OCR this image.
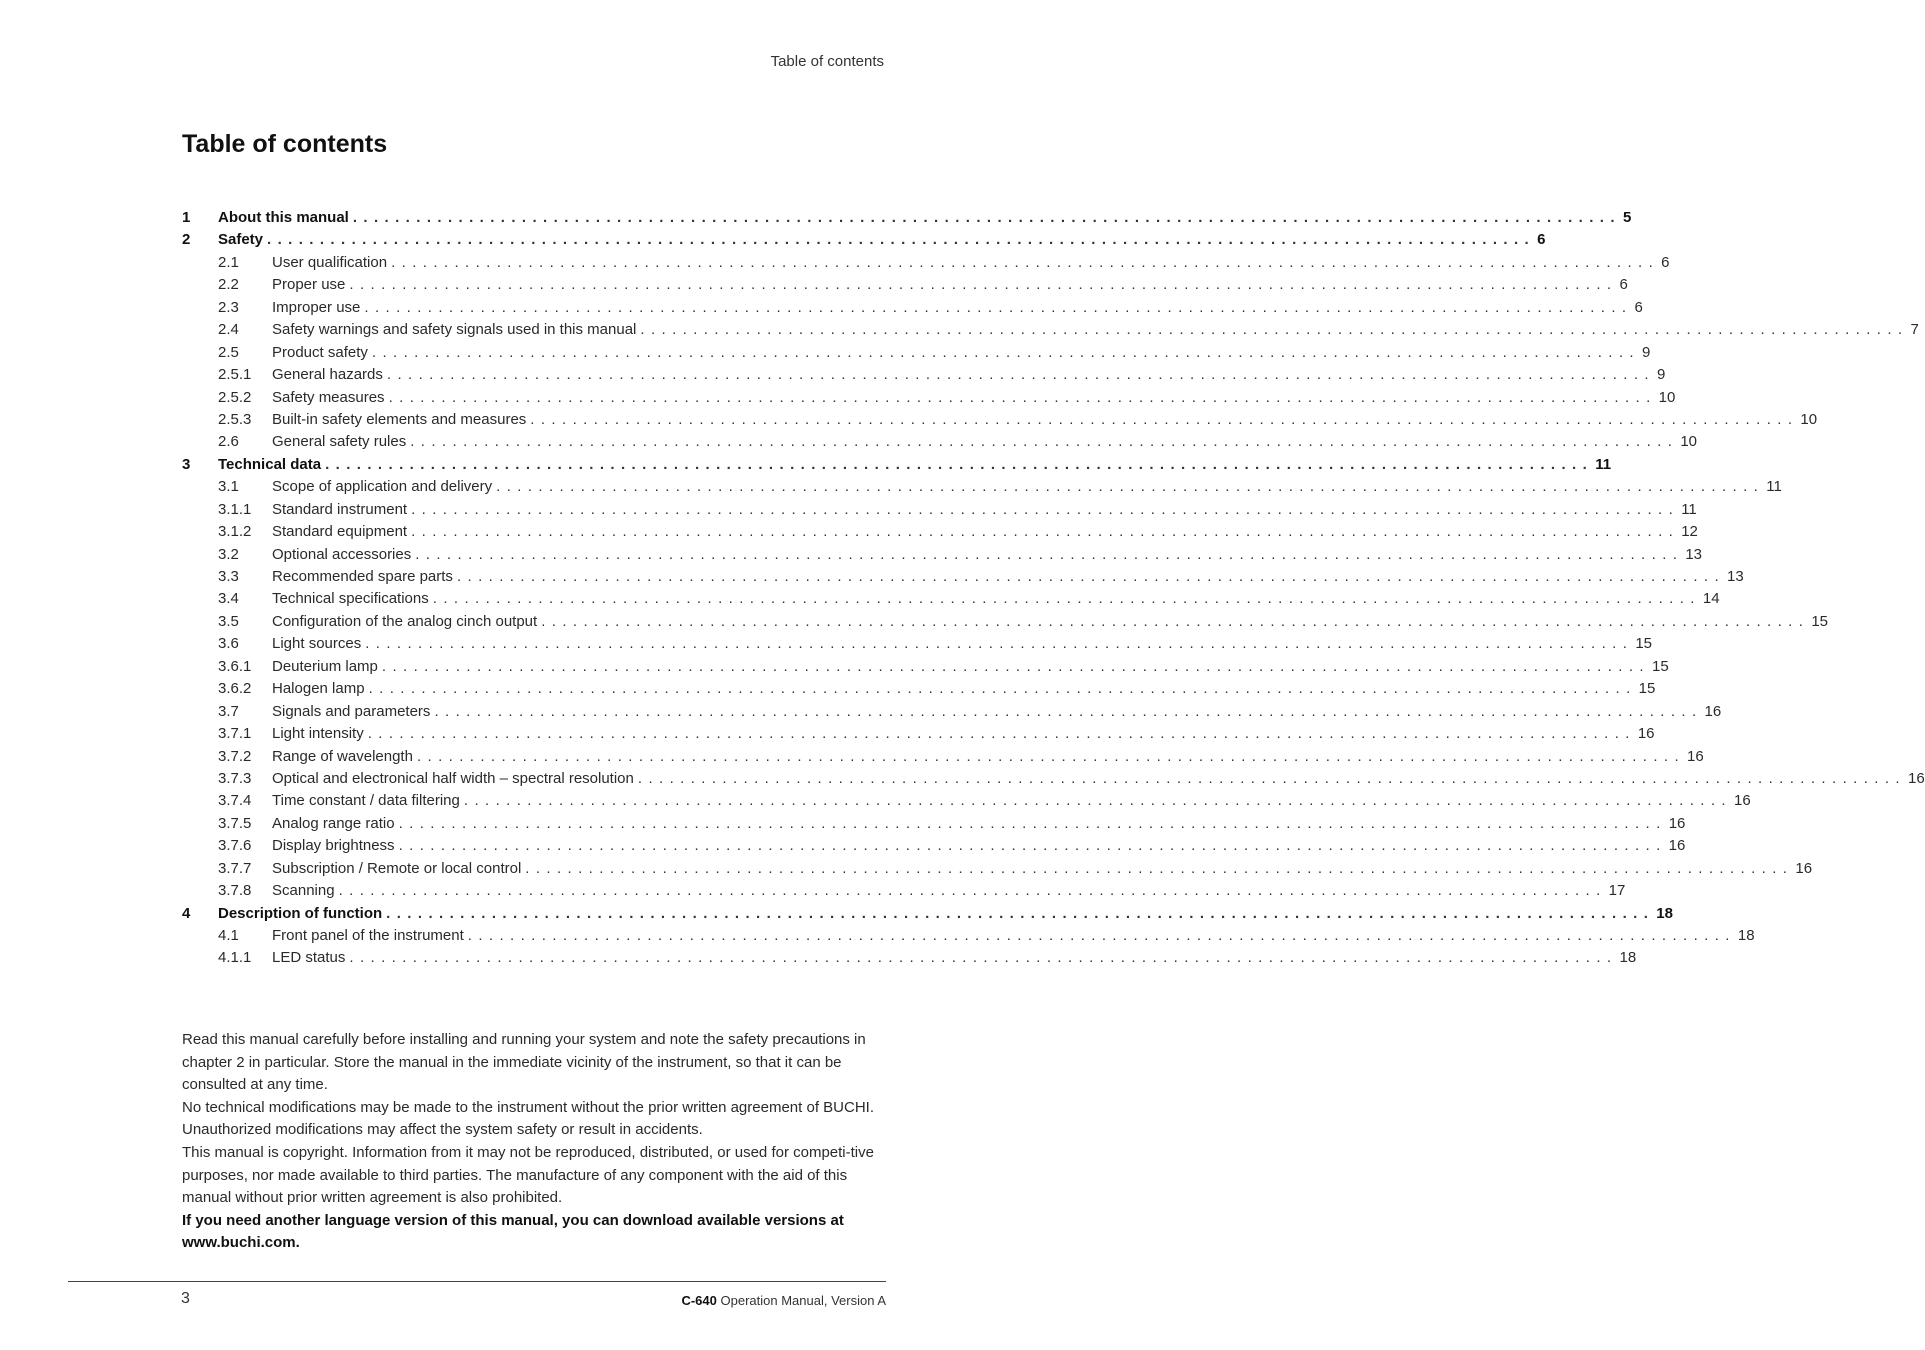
Table of contents
Table of contents
1 About this manual ........................................................................................................................ 5
2 Safety ........................................................................................................................ 6
2.1 User qualification ........................................................................................................................ 6
2.2 Proper use ........................................................................................................................ 6
2.3 Improper use ........................................................................................................................ 6
2.4 Safety warnings and safety signals used in this manual ........................................................................................................................ 7
2.5 Product safety ........................................................................................................................ 9
2.5.1 General hazards ........................................................................................................................ 9
2.5.2 Safety measures ........................................................................................................................ 10
2.5.3 Built-in safety elements and measures ........................................................................................................................ 10
2.6 General safety rules ........................................................................................................................ 10
3 Technical data ........................................................................................................................ 11
3.1 Scope of application and delivery ........................................................................................................................ 11
3.1.1 Standard instrument ........................................................................................................................ 11
3.1.2 Standard equipment ........................................................................................................................ 12
3.2 Optional accessories ........................................................................................................................ 13
3.3 Recommended spare parts ........................................................................................................................ 13
3.4 Technical specifications ........................................................................................................................ 14
3.5 Configuration of the analog cinch output ........................................................................................................................ 15
3.6 Light sources ........................................................................................................................ 15
3.6.1 Deuterium lamp ........................................................................................................................ 15
3.6.2 Halogen lamp ........................................................................................................................ 15
3.7 Signals and parameters ........................................................................................................................ 16
3.7.1 Light intensity ........................................................................................................................ 16
3.7.2 Range of wavelength ........................................................................................................................ 16
3.7.3 Optical and electronical half width – spectral resolution ........................................................................................................................ 16
3.7.4 Time constant / data filtering ........................................................................................................................ 16
3.7.5 Analog range ratio ........................................................................................................................ 16
3.7.6 Display brightness ........................................................................................................................ 16
3.7.7 Subscription / Remote or local control ........................................................................................................................ 16
3.7.8 Scanning ........................................................................................................................ 17
4 Description of function ........................................................................................................................ 18
4.1 Front panel of the instrument ........................................................................................................................ 18
4.1.1 LED status ........................................................................................................................ 18

Read this manual carefully before installing and running your system and note the safety precautions in chapter 2 in particular. Store the manual in the immediate vicinity of the instrument, so that it can be consulted at any time.

No technical modifications may be made to the instrument without the prior written agreement of BUCHI. Unauthorized modifications may affect the system safety or result in accidents.

This manual is copyright. Information from it may not be reproduced, distributed, or used for competi-tive purposes, nor made available to third parties. The manufacture of any component with the aid of this manual without prior written agreement is also prohibited.

If you need another language version of this manual, you can download available versions at www.buchi.com.

3	C-640 Operation Manual, Version A
